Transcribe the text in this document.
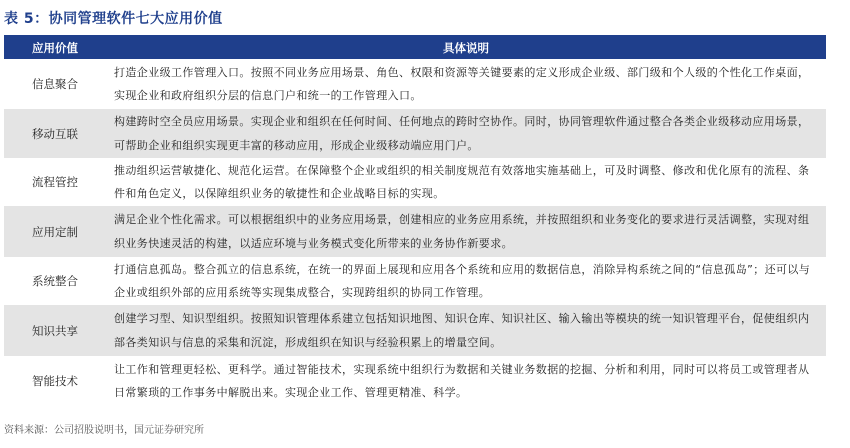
表 5：协同管理软件七大应用价值
应用价值	具体说明
信息聚合
打造企业级工作管理入口。按照不同业务应用场景、角色、权限和资源等关键要素的定义形成企业级、部门级和个人级的个性化工作桌面，实现企业和政府组织分层的信息门户和统一的工作管理入口。
移动互联
构建跨时空全员应用场景。实现企业和组织在任何时间、任何地点的跨时空协作。同时，协同管理软件通过整合各类企业级移动应用场景，可帮助企业和组织实现更丰富的移动应用，形成企业级移动端应用门户。
流程管控
推动组织运营敏捷化、规范化运营。在保障整个企业或组织的相关制度规范有效落地实施基础上，可及时调整、修改和优化原有的流程、条件和角色定义，以保障组织业务的敏捷性和企业战略目标的实现。
应用定制
满足企业个性化需求。可以根据组织中的业务应用场景，创建相应的业务应用系统，并按照组织和业务变化的要求进行灵活调整，实现对组织业务快速灵活的构建，以适应环境与业务模式变化所带来的业务协作新要求。
系统整合
打通信息孤岛。整合孤立的信息系统，在统一的界面上展现和应用各个系统和应用的数据信息，消除异构系统之间的“信息孤岛”；还可以与企业或组织外部的应用系统等实现集成整合，实现跨组织的协同工作管理。
知识共享
创建学习型、知识型组织。按照知识管理体系建立包括知识地图、知识仓库、知识社区、输入输出等模块的统一知识管理平台，促使组织内部各类知识与信息的采集和沉淀，形成组织在知识与经验积累上的增量空间。
智能技术
让工作和管理更轻松、更科学。通过智能技术，实现系统中组织行为数据和关键业务数据的挖掘、分析和利用，同时可以将员工或管理者从日常繁琐的工作事务中解脱出来。实现企业工作、管理更精准、科学。
资料来源：公司招股说明书，国元证券研究所
